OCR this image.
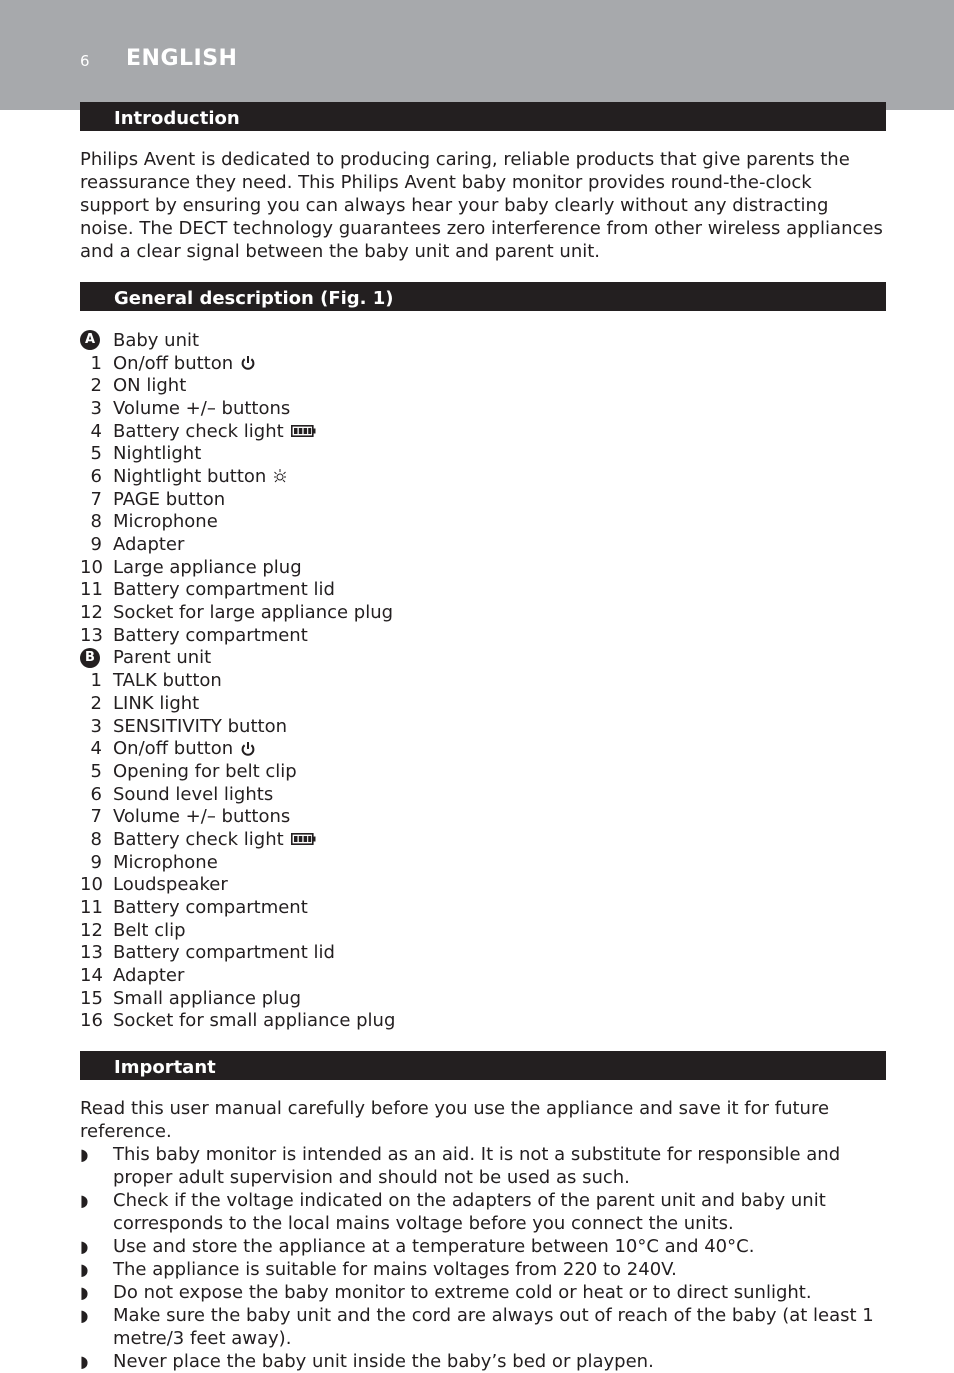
6 ENGLISH
Introduction

Philips Avent is dedicated to producing caring, reliable products that give parents the reassurance they need. This Philips Avent baby monitor provides round-the-clock support by ensuring you can always hear your baby clearly without any distracting noise. The DECT technology guarantees zero interference from other wireless appliances and a clear signal between the baby unit and parent unit.

General description (Fig. 1)
A Baby unit
1 On/off button
2 ON light
3 Volume +/– buttons
4 Battery check light
5 Nightlight
6 Nightlight button
7 PAGE button
8 Microphone
9 Adapter
10 Large appliance plug
11 Battery compartment lid
12 Socket for large appliance plug
13 Battery compartment
B Parent unit
1 TALK button
2 LINK light
3 SENSITIVITY button
4 On/off button
5 Opening for belt clip
6 Sound level lights
7 Volume +/– buttons
8 Battery check light
9 Microphone
10 Loudspeaker
11 Battery compartment
12 Belt clip
13 Battery compartment lid
14 Adapter
15 Small appliance plug
16 Socket for small appliance plug
Important

Read this user manual carefully before you use the appliance and save it for future reference.

◗	This baby monitor is intended as an aid. It is not a substitute for responsible and proper adult supervision and should not be used as such.
◗	Check if the voltage indicated on the adapters of the parent unit and baby unit corresponds to the local mains voltage before you connect the units.
◗	Use and store the appliance at a temperature between 10°C and 40°C.
◗	The appliance is suitable for mains voltages from 220 to 240V.
◗	Do not expose the baby monitor to extreme cold or heat or to direct sunlight.
◗	Make sure the baby unit and the cord are always out of reach of the baby (at least 1 metre/3 feet away).
◗	Never place the baby unit inside the baby’s bed or playpen.
